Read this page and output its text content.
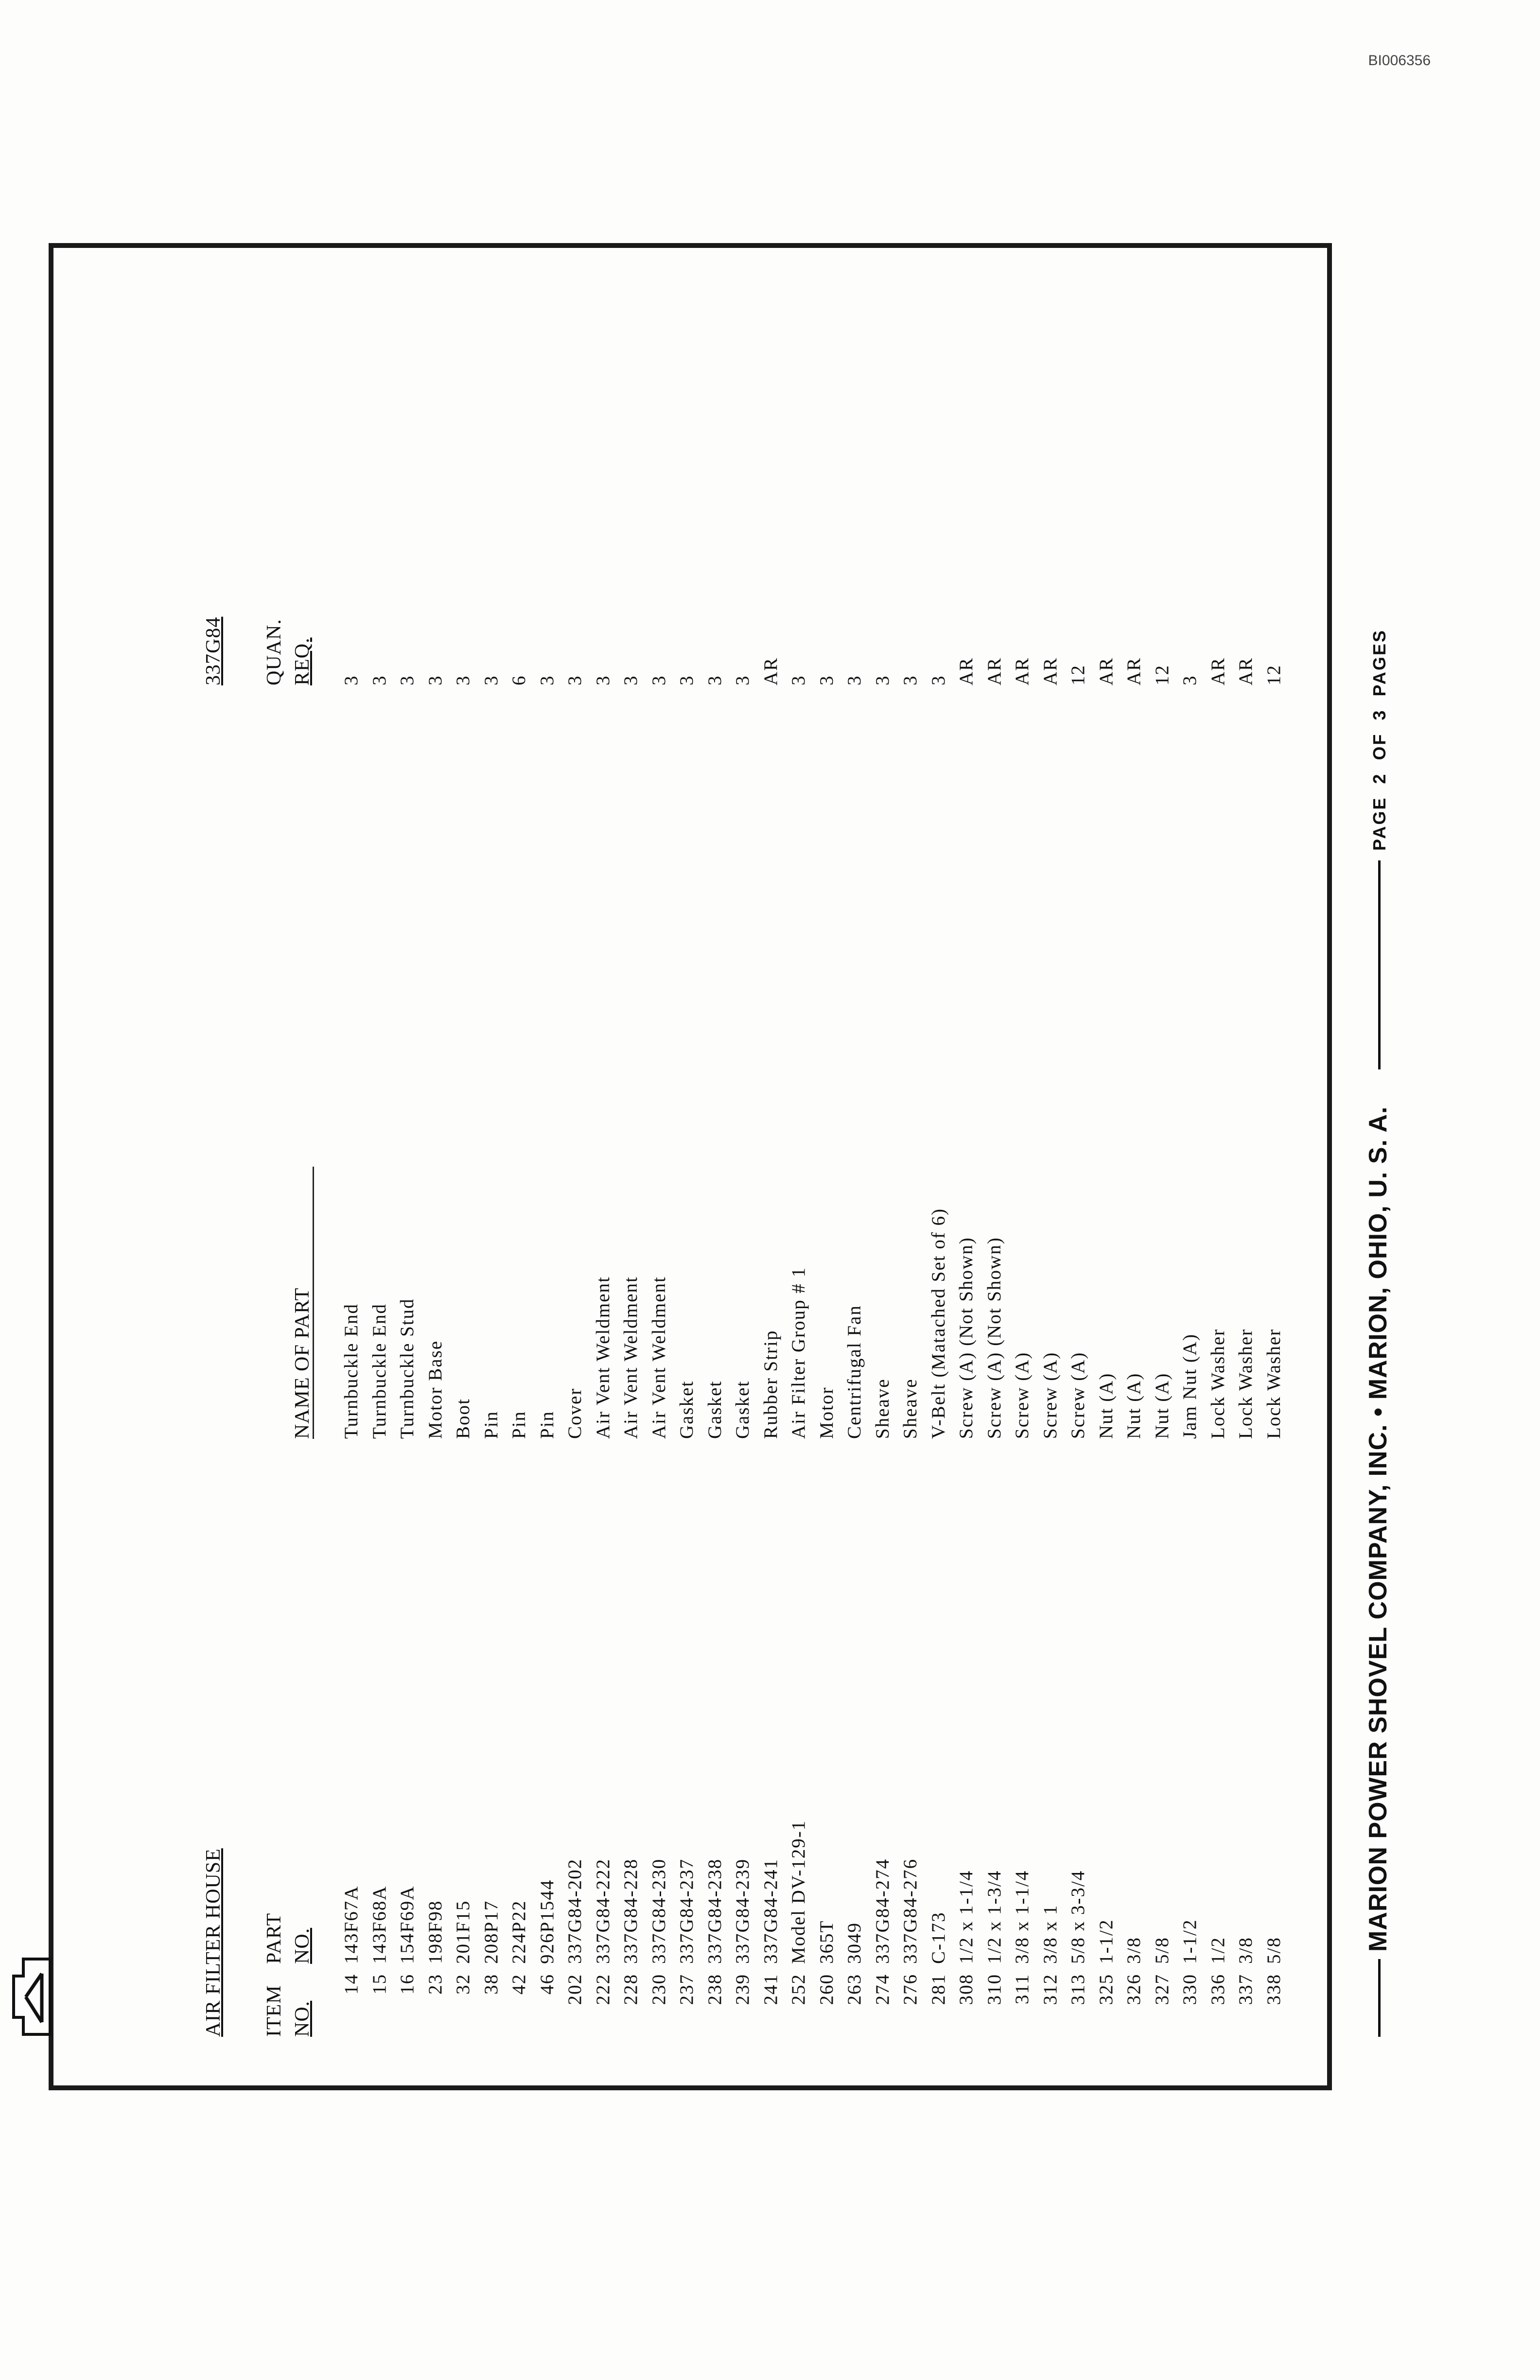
BI006356
M	AIR FILTER HOUSE
337G84
ITEM NO.
PART NO.

NAME OF PART
QUAN. REQ.
14
143F67A
Turnbuckle End
3
15
143F68A
Turnbuckle End
3
16
154F69A
Turnbuckle Stud
3
23
198F98
Motor Base
3
32
201F15
Boot
3
38
208P17
Pin
3
42
224P22
Pin
6
46
926P1544
Pin
3
202
337G84-202
Cover
3
222
337G84-222
Air Vent Weldment
3
228
337G84-228
Air Vent Weldment
3
230
337G84-230
Air Vent Weldment
3
237
337G84-237
Gasket
3
238
337G84-238
Gasket
3
239
337G84-239
Gasket
3
241
337G84-241
Rubber Strip
AR
252
Model DV-129-1
Air Filter Group # 1
3
260
365T
Motor
3
263
3049
Centrifugal Fan
3
274
337G84-274
Sheave
3
276
337G84-276
Sheave
3
281
C-173
V-Belt (Matached Set of 6)
3
308
1/2 x 1-1/4
Screw (A) (Not Shown)
AR
310
1/2 x 1-3/4
Screw (A) (Not Shown)
AR
311
3/8 x 1-1/4
Screw (A)
AR
312
3/8 x 1
Screw (A)
AR
313
5/8 x 3-3/4
Screw (A)
12
325
1-1/2
Nut (A)
AR
326
3/8
Nut (A)
AR
327
5/8
Nut (A)
12
330
1-1/2
Jam Nut (A)
3
336
1/2
Lock Washer
AR
337
3/8
Lock Washer
AR
338
5/8
Lock Washer
12
MARION POWER SHOVEL COMPANY, INC. • MARION, OHIO, U. S. A.
PAGE  2  OF  3  PAGES
